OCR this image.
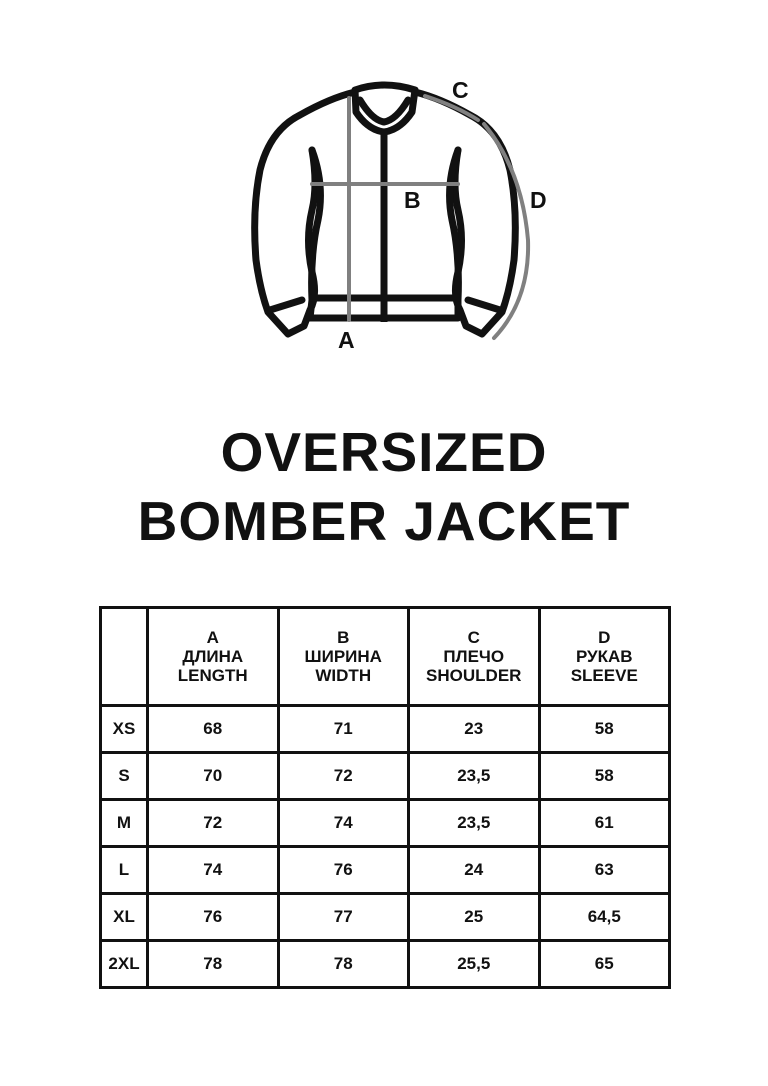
A
B
C
D
OVERSIZED
BOMBER JACKET

	A
ДЛИНА
LENGTH	B
ШИРИНА
WIDTH	C
ПЛЕЧО
SHOULDER	D
РУКАВ
SLEEVE

XS	68	71	23	58
S	70	72	23,5	58
M	72	74	23,5	61
L	74	76	24	63
XL	76	77	25	64,5
2XL	78	78	25,5	65
